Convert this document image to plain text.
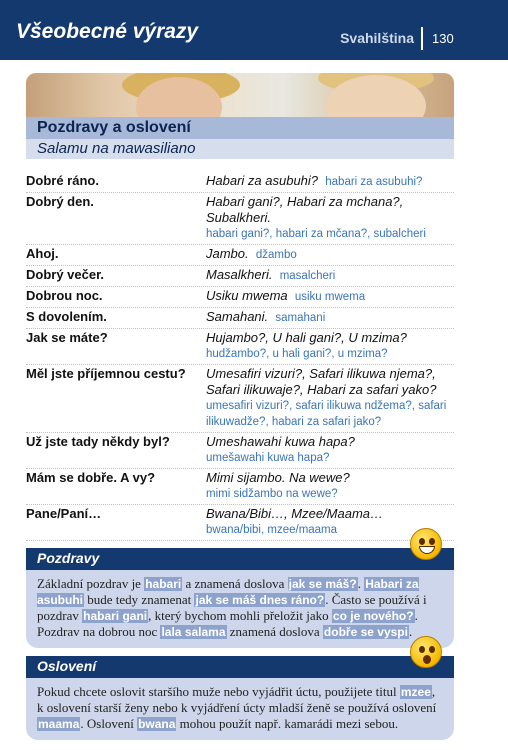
Všeobecné výrazy	Svahilština 130
Pozdravy a oslovení
Salamu na mawasiliano
Dobré ráno.	Habari za asubuhi? habari za asubuhi?
Dobrý den.	Habari gani?, Habari za mchana?, Subalkheri.
habari gani?, habari za mčana?, subalcheri
Ahoj.	Jambo. džambo
Dobrý večer.	Masalkheri. masalcheri
Dobrou noc.	Usiku mwema usiku mwema
S dovolením.	Samahani. samahani
Jak se máte?	Hujambo?, U hali gani?, U mzima?
hudžambo?, u hali gani?, u mzima?
Měl jste příjemnou cestu?	Umesafiri vizuri?, Safari ilikuwa njema?, Safari ilikuwaje?, Habari za safari yako?
umesafiri vizuri?, safari ilikuwa ndžema?, safari ilikuwadže?, habari za safari jako?
Už jste tady někdy byl?	Umeshawahi kuwa hapa?
umešawahi kuwa hapa?
Mám se dobře. A vy?	Mimi sijambo. Na wewe?
mimi sidžambo na wewe?
Pane/Paní…	Bwana/Bibi…, Mzee/Maama…
bwana/bibi, mzee/maama
Pozdravy
Základní pozdrav je habari a znamená doslova jak se máš?. Habari za asubuhi bude tedy znamenat jak se máš dnes ráno?. Často se používá i pozdrav habari gani, který bychom mohli přeložit jako co je nového?. Pozdrav na dobrou noc lala salama znamená doslova dobře se vyspi.
Oslovení
Pokud chcete oslovit staršího muže nebo vyjádřit úctu, použijete titul mzee, k oslovení starší ženy nebo k vyjádření úcty mladší ženě se používá oslovení maama. Oslovení bwana mohou použít např. kamarádi mezi sebou.
